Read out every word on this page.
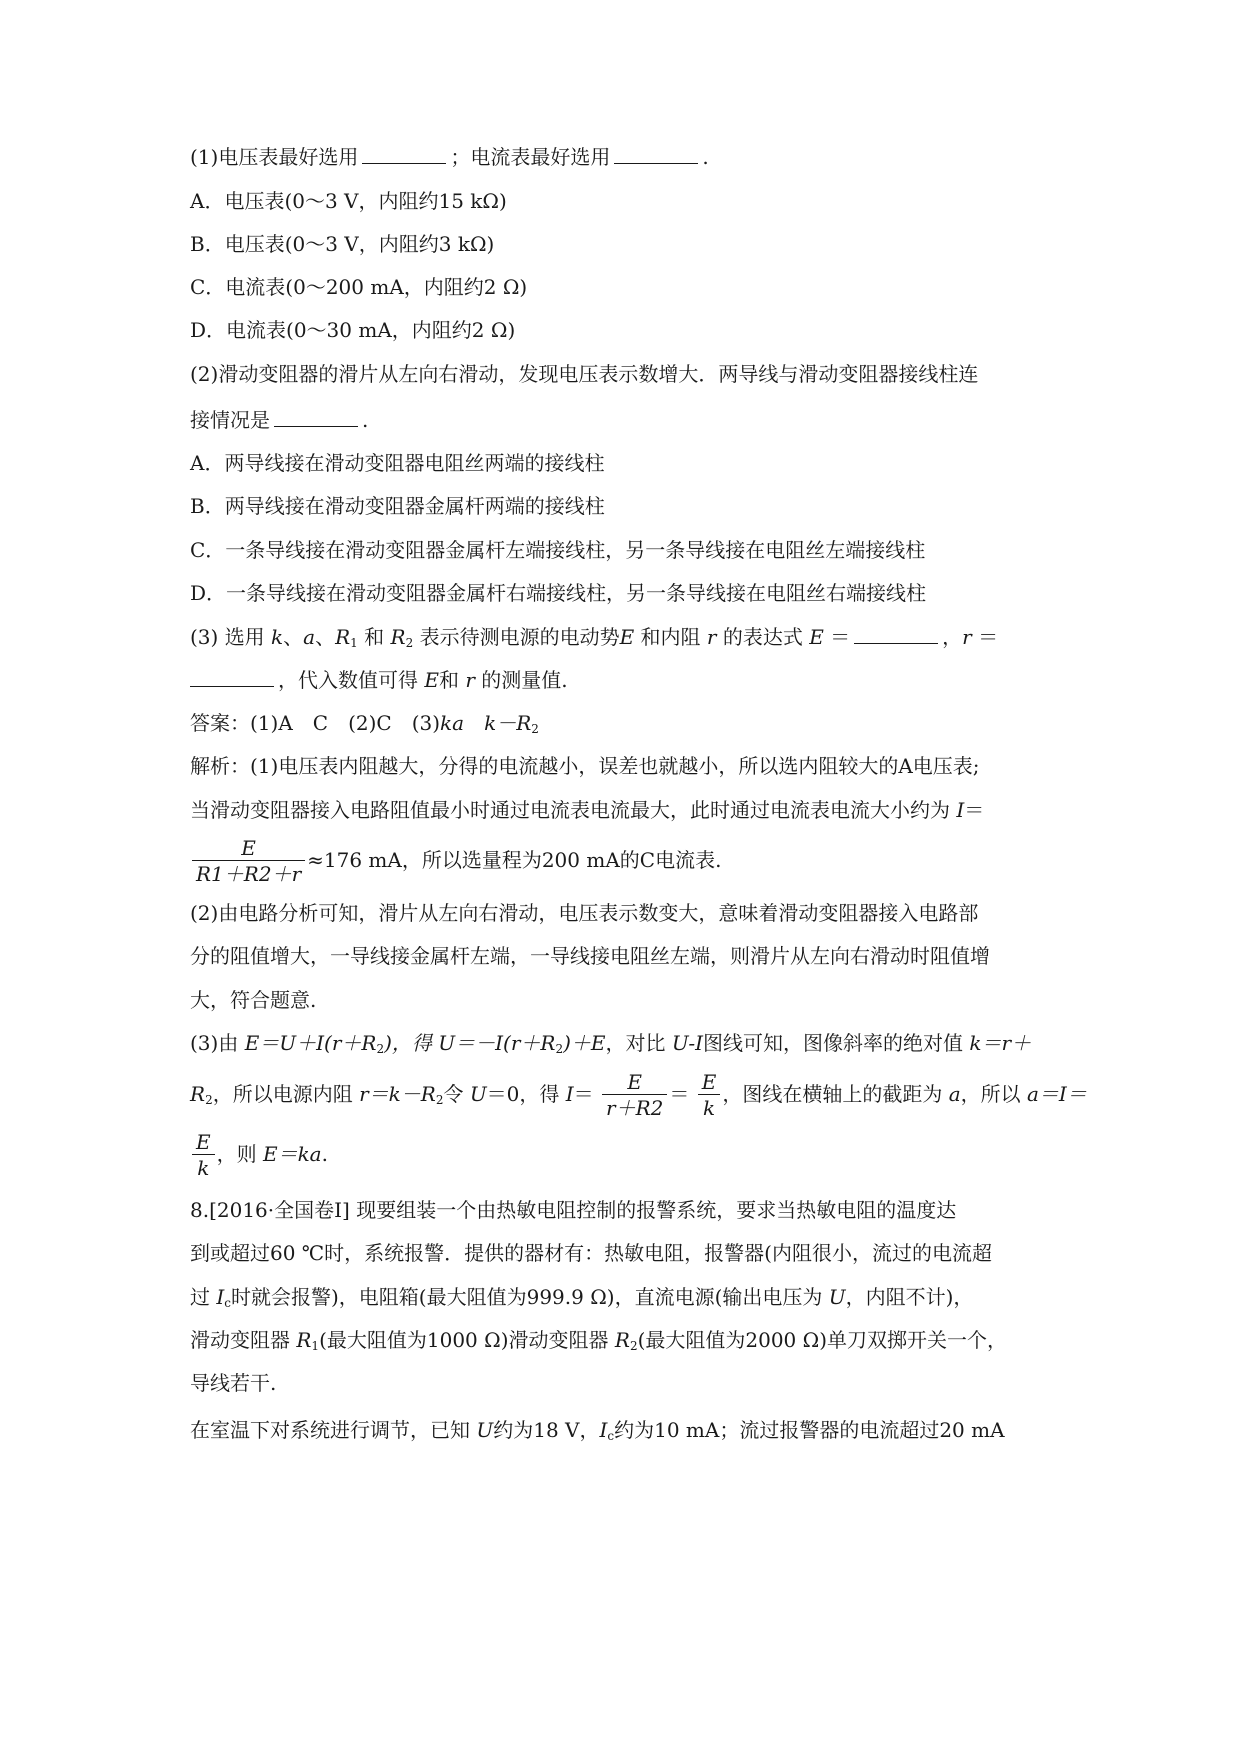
(1)电压表最好选用	；电流表最好选用	.
A．电压表(0～3 V，内阻约15 kΩ)
B．电压表(0～3 V，内阻约3 kΩ)
C．电流表(0～200 mA，内阻约2 Ω)
D．电流表(0～30 mA，内阻约2 Ω)
(2)滑动变阻器的滑片从左向右滑动，发现电压表示数增大．两导线与滑动变阻器接线柱连
接情况是	.
A．两导线接在滑动变阻器电阻丝两端的接线柱
B．两导线接在滑动变阻器金属杆两端的接线柱
C．一条导线接在滑动变阻器金属杆左端接线柱，另一条导线接在电阻丝左端接线柱
D．一条导线接在滑动变阻器金属杆右端接线柱，另一条导线接在电阻丝右端接线柱
(3) 选用 k、a、$R_1$ 和 $R_2$ 表示待测电源的电动势E 和内阻 r 的表达式 E ＝	，r ＝
，代入数值可得 E和 r 的测量值.
答案：(1)A　C　(2)C　(3)ka　$k-R_2$
解析：(1)电压表内阻越大，分得的电流越小，误差也就越小，所以选内阻较大的A电压表;
当滑动变阻器接入电路阻值最小时通过电流表电流最大，此时通过电流表电流大小约为 I＝
$\frac{E}{R1+R2+r} \approx 176$ mA，所以选量程为200 mA的C电流表.
(2)由电路分析可知，滑片从左向右滑动，电压表示数变大，意味着滑动变阻器接入电路部
分的阻值增大，一导线接金属杆左端，一导线接电阻丝左端，则滑片从左向右滑动时阻值增
大，符合题意.
(3)由 $E=U+I(r+R_2)$，得 $U=-I(r+R_2)+E$，对比 U-I图线可知，图像斜率的绝对值 k＝r＋
$R_2$，所以电源内阻 $r=k-R_2$令 U＝0，得 $I= \frac{E}{r+R2} = \frac{E}{k}$ ，图线在横轴上的截距为 a，所以 a＝I＝
$\frac{E}{k}$ ，则 E＝ka.
8.[2016·全国卷Ⅰ] 现要组装一个由热敏电阻控制的报警系统，要求当热敏电阻的温度达
到或超过60 ℃时，系统报警．提供的器材有：热敏电阻，报警器(内阻很小，流过的电流超
过 $I_c$时就会报警)，电阻箱(最大阻值为999.9 Ω)，直流电源(输出电压为 U，内阻不计)，
滑动变阻器 $R_1$(最大阻值为1000 Ω)滑动变阻器 $R_2$(最大阻值为2000 Ω)单刀双掷开关一个，
导线若干.
在室温下对系统进行调节，已知 U约为18 V，$I_c$约为10 mA；流过报警器的电流超过20 mA
